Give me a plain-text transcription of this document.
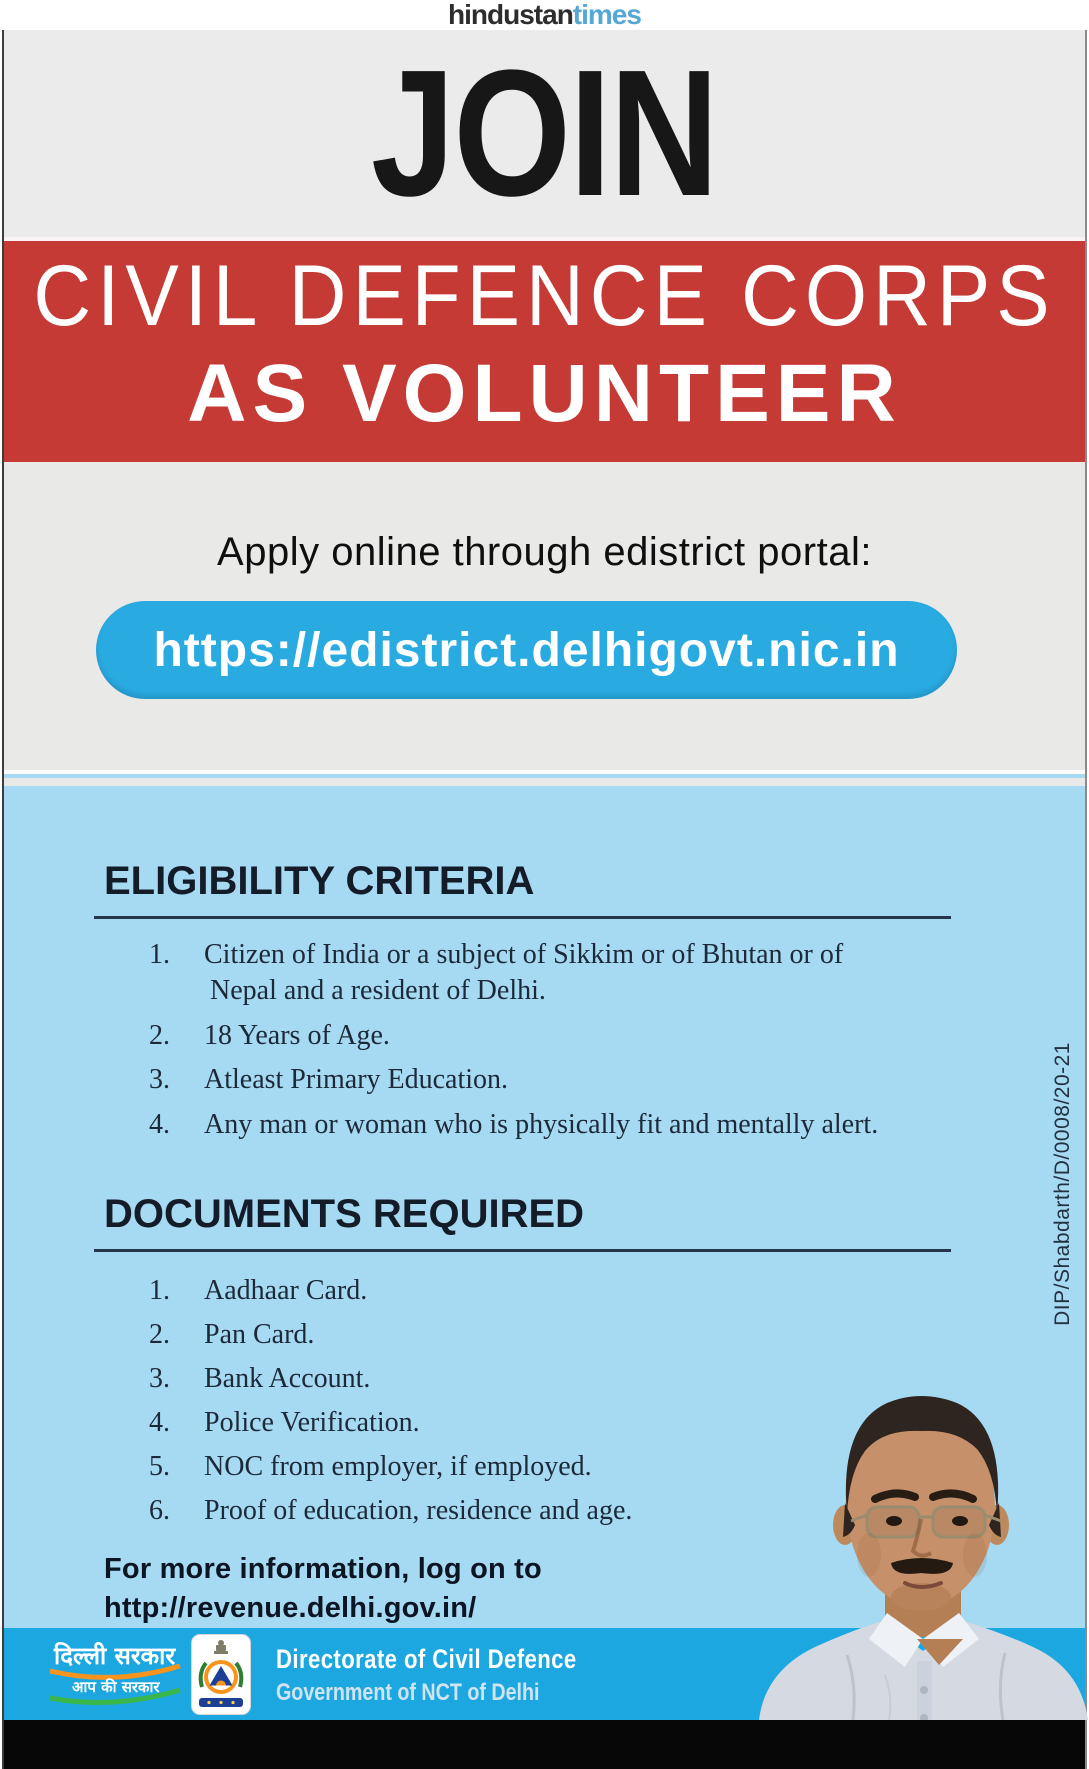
hindustantimes
JOIN
CIVIL DEFENCE CORPS
AS VOLUNTEER
Apply online through edistrict portal:
https://edistrict.delhigovt.nic.in
ELIGIBILITY CRITERIA
1.	Citizen of India or a subject of Sikkim or of Bhutan or of
Nepal and a resident of Delhi.
2.	18 Years of Age.
3.	Atleast Primary Education.
4.	Any man or woman who is physically fit and mentally alert.
DOCUMENTS REQUIRED
1.	Aadhaar Card.
2.	Pan Card.
3.	Bank Account.
4.	Police Verification.
5.	NOC from employer, if employed.
6.	Proof of education, residence and age.
For more information, log on to
http://revenue.delhi.gov.in/
DIP/Shabdarth/D/0008/20-21
दिल्ली सरकार
आप की सरकार
Directorate of Civil Defence
Government of NCT of Delhi
